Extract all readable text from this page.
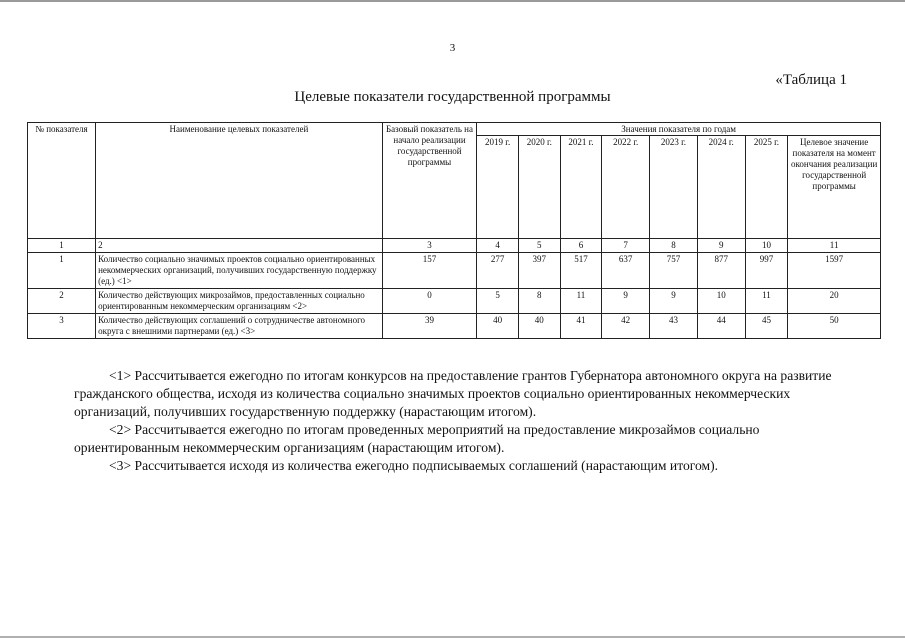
3
«Таблица 1
Целевые показатели государственной программы
№ показателя	Наименование целевых показателей	Базовый показатель на начало реализации государственной программы	Значения показателя по годам							
			2019 г.	2020 г.	2021 г.	2022 г.	2023 г.	2024 г.	2025 г.	Целевое значение показателя на момент окончания реализации государственной программы
1	2	3	4	5	6	7	8	9	10	11
1	Количество социально значимых проектов социально ориентированных некоммерческих организаций, получивших государственную поддержку (ед.) <1>	157	277	397	517	637	757	877	997	1597
2	Количество действующих микрозаймов, предоставленных социально ориентированным некоммерческим организациям <2>	0	5	8	11	9	9	10	11	20
3	Количество действующих соглашений о сотрудничестве автономного округа с внешними партнерами (ед.) <3>	39	40	40	41	42	43	44	45	50

<1> Рассчитывается ежегодно по итогам конкурсов на предоставление грантов Губернатора автономного округа на развитие гражданского общества, исходя из количества социально значимых проектов социально ориентированных некоммерческих организаций, получивших государственную поддержку (нарастающим итогом).

<2> Рассчитывается ежегодно по итогам проведенных мероприятий на предоставление микрозаймов социально ориентированным некоммерческим организациям (нарастающим итогом).

<3> Рассчитывается исходя из количества ежегодно подписываемых соглашений (нарастающим итогом).
